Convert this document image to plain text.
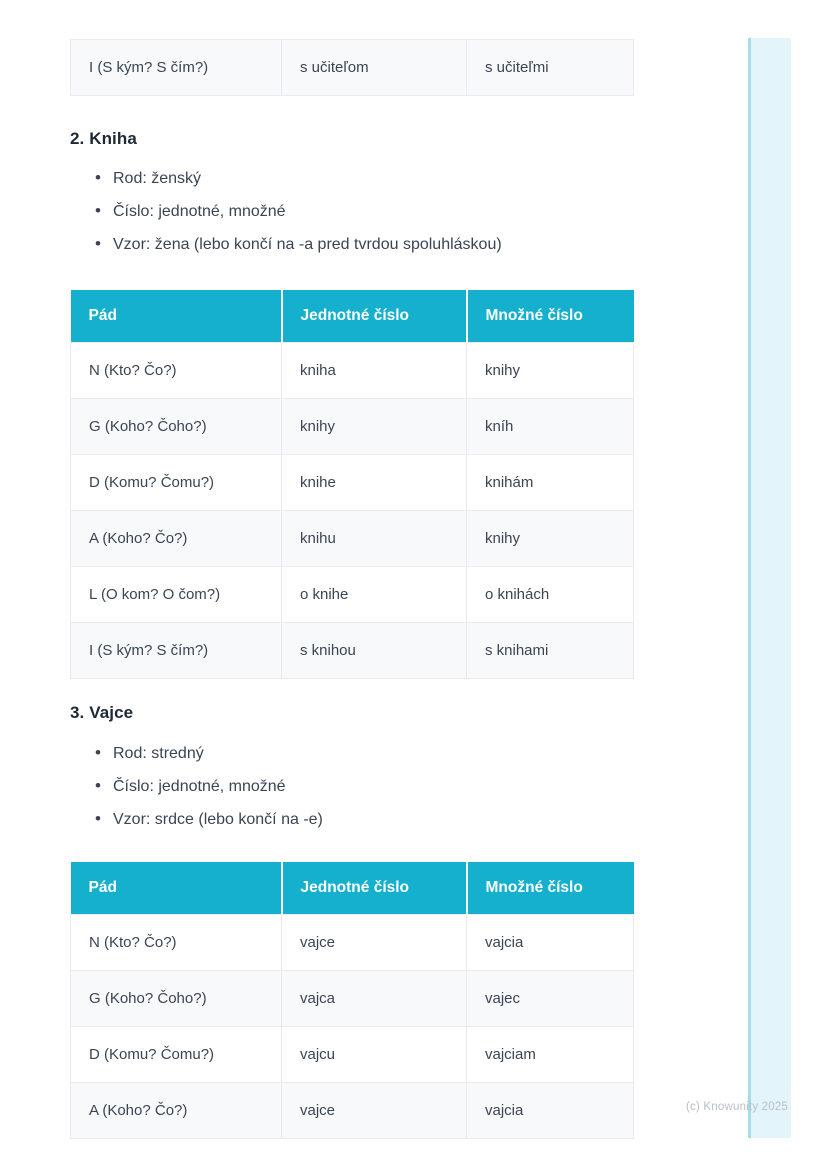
I (S kým? S čím?)	s učiteľom	s učiteľmi
2. Kniha
• Rod: ženský
• Číslo: jednotné, množné
• Vzor: žena (lebo končí na -a pred tvrdou spoluhláskou)
Pád	Jednotné číslo	Množné číslo
N (Kto? Čo?)	kniha	knihy
G (Koho? Čoho?)	knihy	kníh
D (Komu? Čomu?)	knihe	knihám
A (Koho? Čo?)	knihu	knihy
L (O kom? O čom?)	o knihe	o knihách
I (S kým? S čím?)	s knihou	s knihami
3. Vajce
• Rod: stredný
• Číslo: jednotné, množné
• Vzor: srdce (lebo končí na -e)
Pád	Jednotné číslo	Množné číslo
N (Kto? Čo?)	vajce	vajcia
G (Koho? Čoho?)	vajca	vajec
D (Komu? Čomu?)	vajcu	vajciam
A (Koho? Čo?)	vajce	vajcia	(c) Knowunity 2025
